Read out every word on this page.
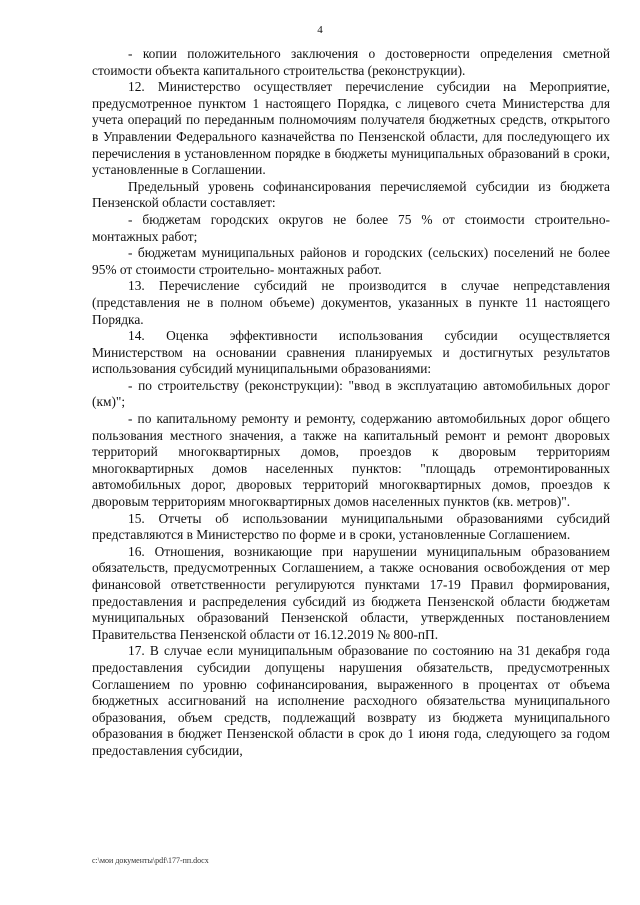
4

- копии положительного заключения о достоверности определения сметной стоимости объекта капитального строительства (реконструкции).

12. Министерство осуществляет перечисление субсидии на Мероприятие, предусмотренное пунктом 1 настоящего Порядка, с лицевого счета Министерства для учета операций по переданным полномочиям получателя бюджетных средств, открытого в Управлении Федерального казначейства по Пензенской области, для последующего их перечисления в установленном порядке в бюджеты муниципальных образований в сроки, установленные в Соглашении.

Предельный уровень софинансирования перечисляемой субсидии из бюджета Пензенской области составляет:

- бюджетам городских округов не более 75 % от стоимости строительно-монтажных работ;

- бюджетам муниципальных районов и городских (сельских) поселений не более 95% от стоимости строительно- монтажных работ.

13. Перечисление субсидий не производится в случае непредставления (представления не в полном объеме) документов, указанных в пункте 11 настоящего Порядка.

14. Оценка эффективности использования субсидии осуществляется Министерством на основании сравнения планируемых и достигнутых результатов использования субсидий муниципальными образованиями:

- по строительству (реконструкции): "ввод в эксплуатацию автомобильных дорог (км)";

- по капитальному ремонту и ремонту, содержанию автомобильных дорог общего пользования местного значения, а также на капитальный ремонт и ремонт дворовых территорий многоквартирных домов, проездов к дворовым территориям многоквартирных домов населенных пунктов: "площадь отремонтированных автомобильных дорог, дворовых территорий многоквартирных домов, проездов к дворовым территориям многоквартирных домов населенных пунктов (кв. метров)".

15. Отчеты об использовании муниципальными образованиями субсидий представляются в Министерство по форме и в сроки, установленные Соглашением.

16. Отношения, возникающие при нарушении муниципальным образованием обязательств, предусмотренных Соглашением, а также основания освобождения от мер финансовой ответственности регулируются пунктами 17-19 Правил формирования, предоставления и распределения субсидий из бюджета Пензенской области бюджетам муниципальных образований Пензенской области, утвержденных постановлением Правительства Пензенской области от 16.12.2019 № 800-пП.

17. В случае если муниципальным образование по состоянию на 31 декабря года предоставления субсидии допущены нарушения обязательств, предусмотренных Соглашением по уровню софинансирования, выраженного в процентах от объема бюджетных ассигнований на исполнение расходного обязательства муниципального образования, объем средств, подлежащий возврату из бюджета муниципального образования в бюджет Пензенской области в срок до 1 июня года, следующего за годом предоставления субсидии,

c:\мои документы\pdf\177-пп.docx
